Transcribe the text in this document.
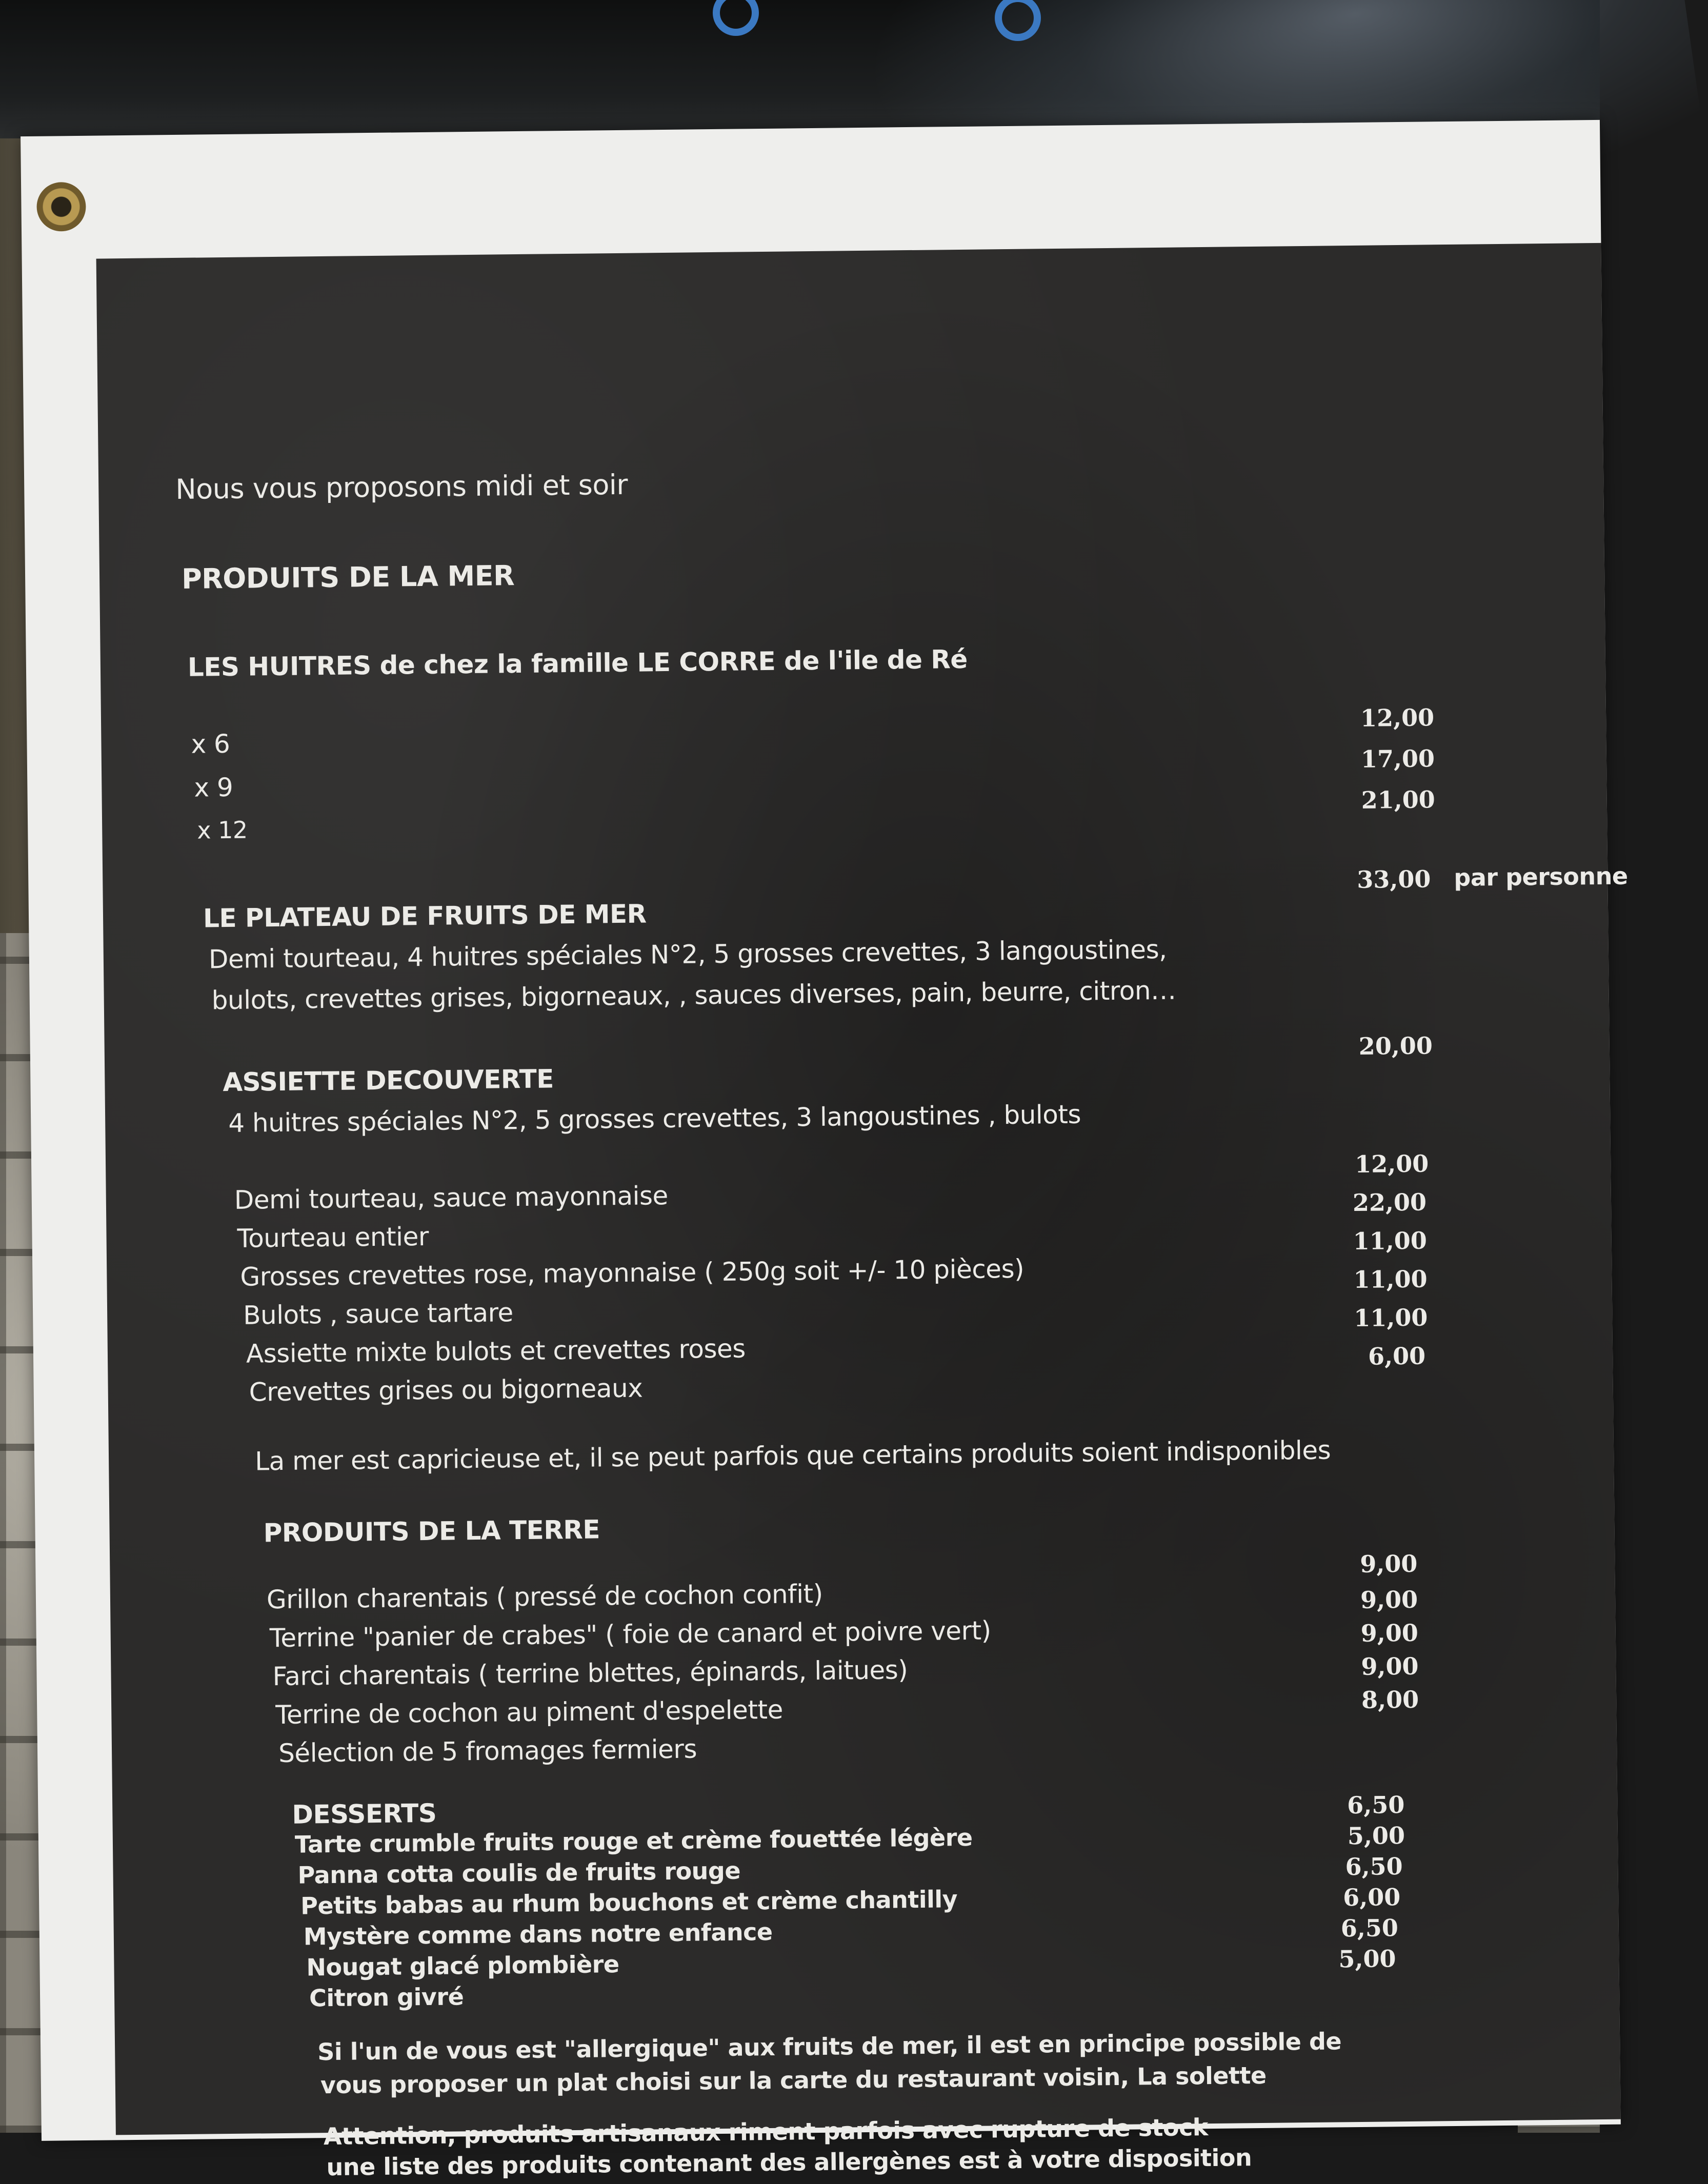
Nous vous proposons midi et soir
PRODUITS DE LA MER
LES HUITRES de chez la famille LE CORRE de l'ile de Ré
x 6
x 9
x 12
12,00
17,00
21,00
LE PLATEAU DE FRUITS DE MER
33,00 par personne
Demi tourteau, 4 huitres spéciales N°2, 5 grosses crevettes, 3 langoustines,
bulots, crevettes grises, bigorneaux, , sauces diverses, pain, beurre, citron…
ASSIETTE DECOUVERTE
20,00
4 huitres spéciales N°2, 5 grosses crevettes, 3 langoustines , bulots
Demi tourteau, sauce mayonnaise
Tourteau entier
Grosses crevettes rose, mayonnaise ( 250g soit +/- 10 pièces)
Bulots , sauce tartare
Assiette mixte bulots et crevettes roses
Crevettes grises ou bigorneaux
12,00
22,00
11,00
11,00
11,00
6,00
La mer est capricieuse et, il se peut parfois que certains produits soient indisponibles
PRODUITS DE LA TERRE
Grillon charentais ( pressé de cochon confit)
Terrine "panier de crabes" ( foie de canard et poivre vert)
Farci charentais ( terrine blettes, épinards, laitues)
Terrine de cochon au piment d'espelette
Sélection de 5 fromages fermiers
9,00
9,00
9,00
9,00
8,00
DESSERTS
Tarte crumble fruits rouge et crème fouettée légère
Panna cotta coulis de fruits rouge
Petits babas au rhum bouchons et crème chantilly
Mystère comme dans notre enfance
Nougat glacé plombière
Citron givré
6,50
5,00
6,50
6,00
6,50
5,00
Si l'un de vous est "allergique" aux fruits de mer, il est en principe possible de
vous proposer un plat choisi sur la carte du restaurant voisin, La solette
Attention, produits artisanaux riment parfois avec rupture de stock
une liste des produits contenant des allergènes est à votre disposition
